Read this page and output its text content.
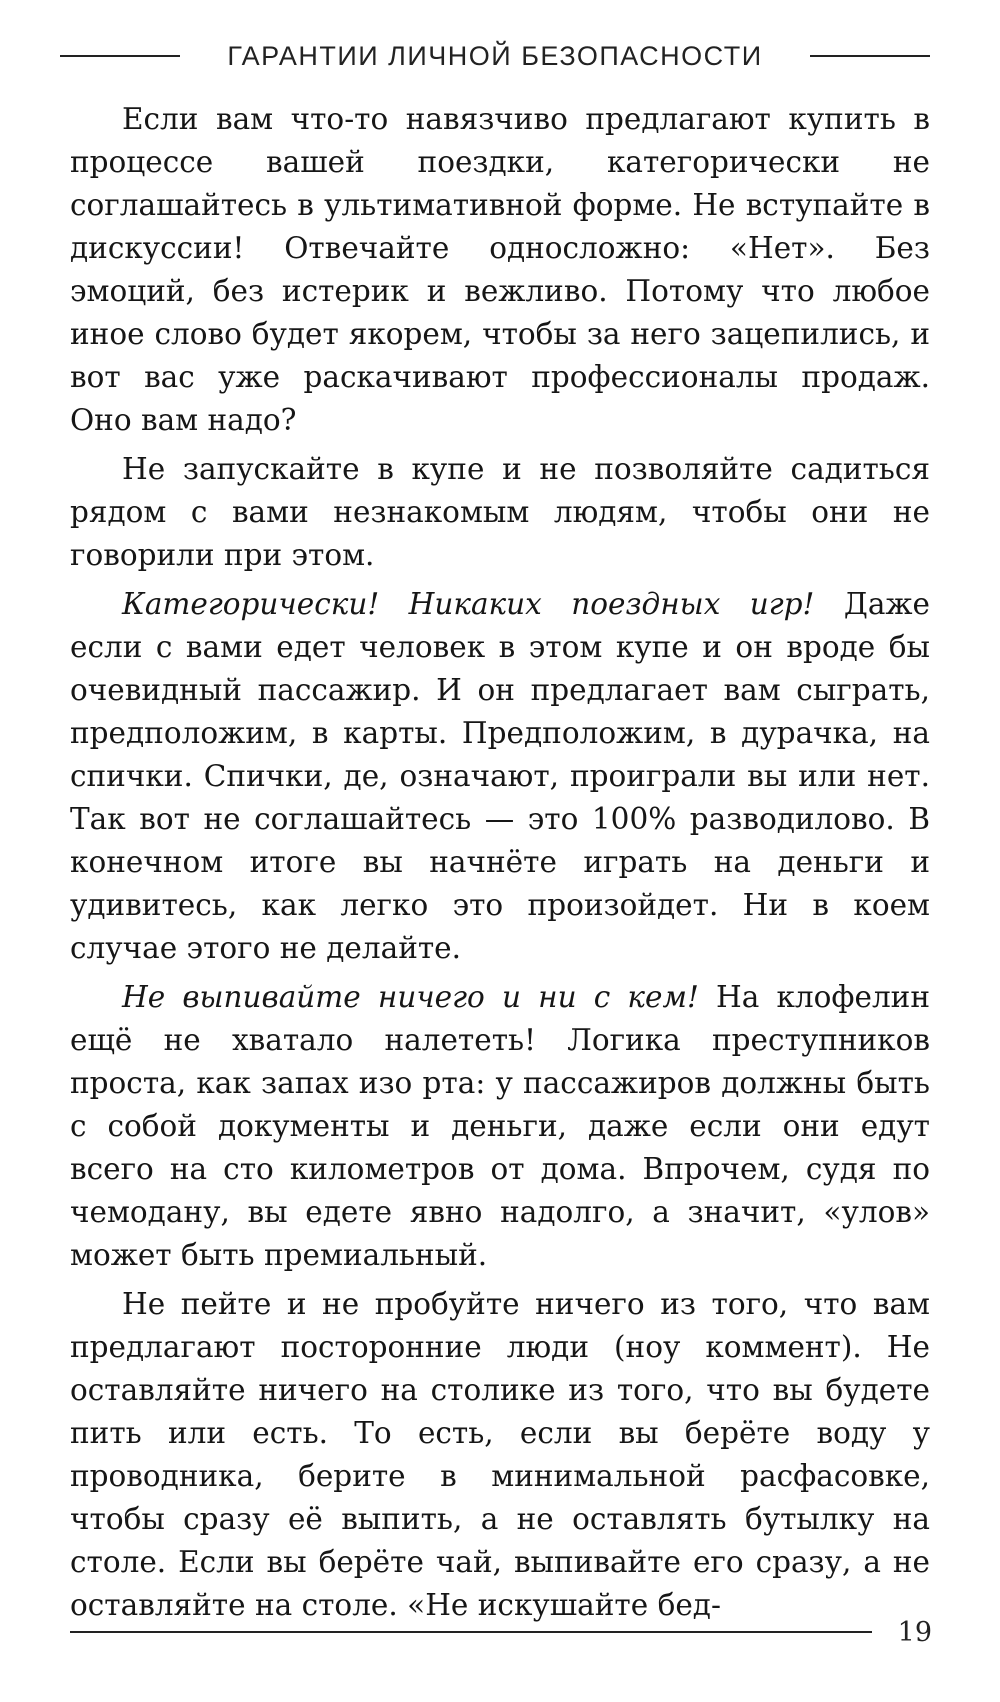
ГАРАНТИИ ЛИЧНОЙ БЕЗОПАСНОСТИ

Если вам что-то навязчиво предлагают купить в процессе вашей поездки, категорически не соглашайтесь в ультимативной форме. Не вступайте в дискуссии! Отвечайте односложно: «Нет». Без эмоций, без истерик и вежливо. Потому что любое иное слово будет якорем, чтобы за него зацепились, и вот вас уже раскачивают профессионалы продаж. Оно вам надо?

Не запускайте в купе и не позволяйте садиться рядом с вами незнакомым людям, чтобы они не говорили при этом.

Категорически! Никаких поездных игр! Даже если с вами едет человек в этом купе и он вроде бы очевидный пассажир. И он предлагает вам сыграть, предположим, в карты. Предположим, в дурачка, на спички. Спички, де, означают, проиграли вы или нет. Так вот не соглашайтесь — это 100% разводилово. В конечном итоге вы начнёте играть на деньги и удивитесь, как легко это произойдет. Ни в коем случае этого не делайте.

Не выпивайте ничего и ни с кем! На клофелин ещё не хватало налететь! Логика преступников проста, как запах изо рта: у пассажиров должны быть с собой документы и деньги, даже если они едут всего на сто километров от дома. Впрочем, судя по чемодану, вы едете явно надолго, а значит, «улов» может быть премиальный.

Не пейте и не пробуйте ничего из того, что вам предлагают посторонние люди (ноу коммент). Не оставляйте ничего на столике из того, что вы будете пить или есть. То есть, если вы берёте воду у проводника, берите в минимальной расфасовке, чтобы сразу её выпить, а не оставлять бутылку на столе. Если вы берёте чай, выпивайте его сразу, а не оставляйте на столе. «Не искушайте бед-

19
